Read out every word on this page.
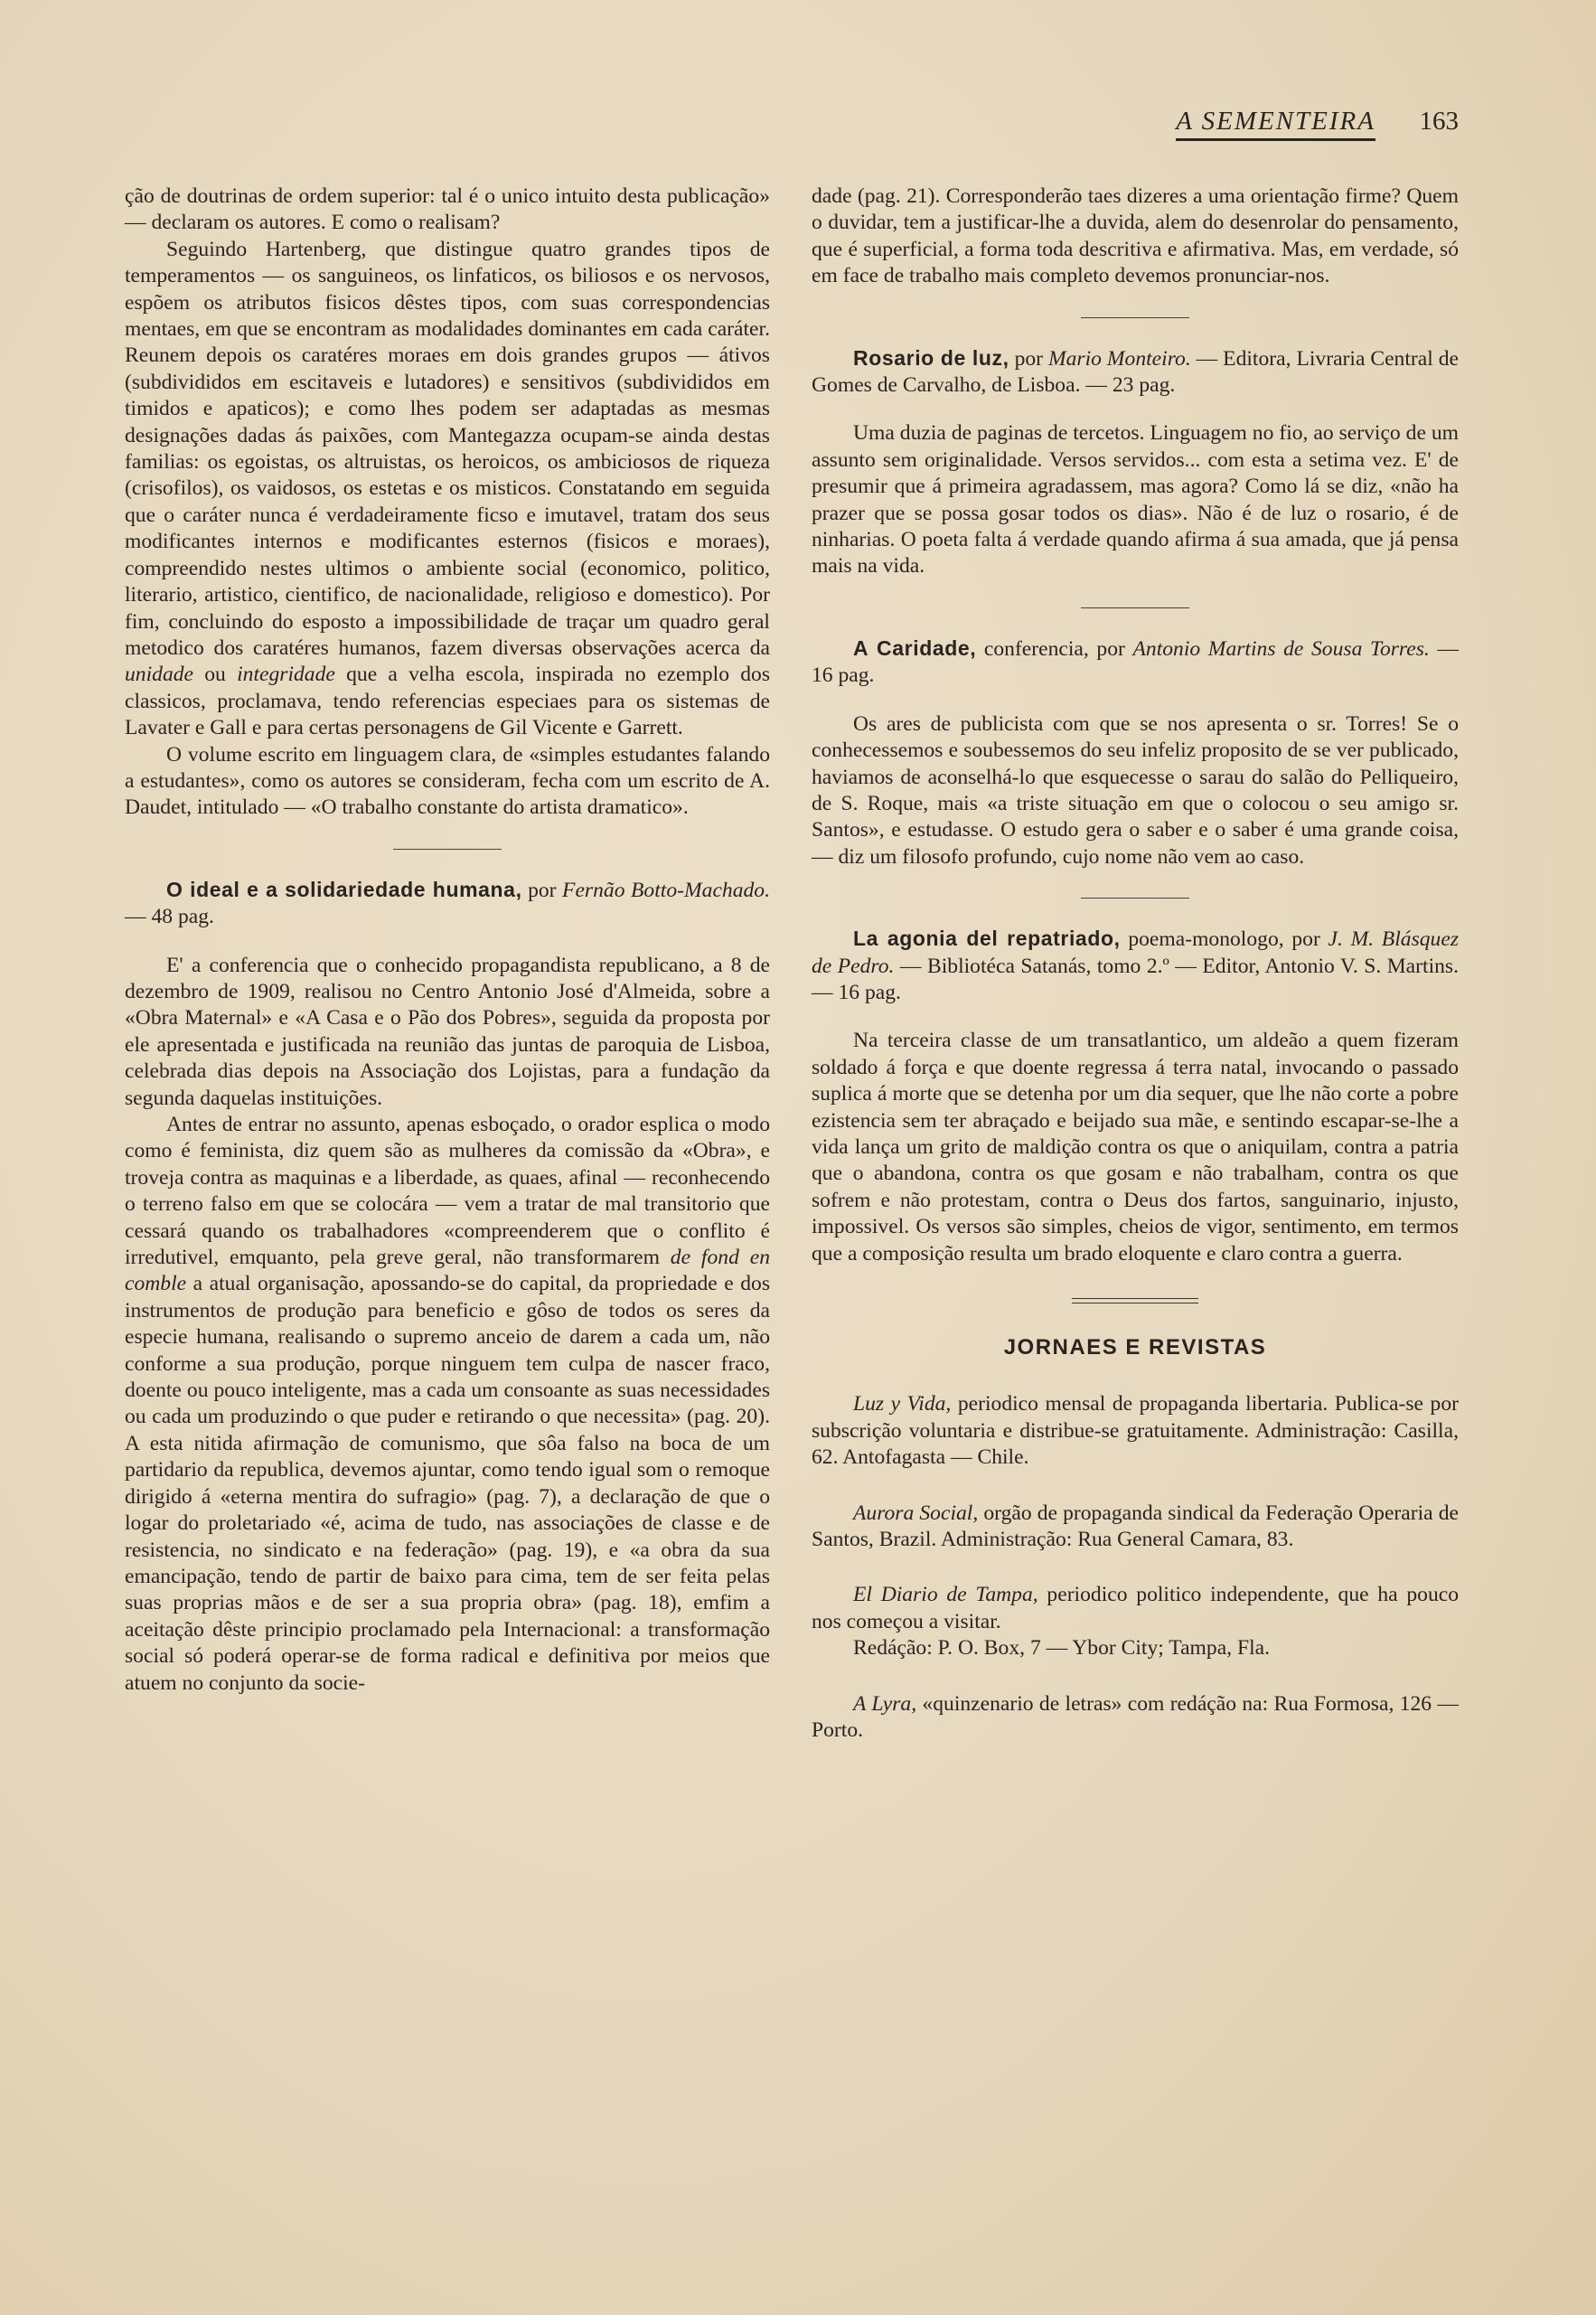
A SEMENTEIRA 163

ção de doutrinas de ordem superior: tal é o unico intuito desta publicação» — declaram os autores. E como o realisam?

Seguindo Hartenberg, que distingue quatro grandes tipos de temperamentos — os sanguineos, os linfaticos, os biliosos e os nervosos, espõem os atributos fisicos dêstes tipos, com suas correspondencias mentaes, em que se encontram as modalidades dominantes em cada caráter. Reunem depois os caratéres moraes em dois grandes grupos — átivos (subdivididos em escitaveis e lutadores) e sensitivos (subdivididos em timidos e apaticos); e como lhes podem ser adaptadas as mesmas designações dadas ás paixões, com Mantegazza ocupam-se ainda destas familias: os egoistas, os altruistas, os heroicos, os ambiciosos de riqueza (crisofilos), os vaidosos, os estetas e os misticos. Constatando em seguida que o caráter nunca é verdadeiramente ficso e imutavel, tratam dos seus modificantes internos e modificantes esternos (fisicos e moraes), compreendido nestes ultimos o ambiente social (economico, politico, literario, artistico, cientifico, de nacionalidade, religioso e domestico). Por fim, concluindo do esposto a impossibilidade de traçar um quadro geral metodico dos caratéres humanos, fazem diversas observações acerca da unidade ou integridade que a velha escola, inspirada no ezemplo dos classicos, proclamava, tendo referencias especiaes para os sistemas de Lavater e Gall e para certas personagens de Gil Vicente e Garrett.

O volume escrito em linguagem clara, de «simples estudantes falando a estudantes», como os autores se consideram, fecha com um escrito de A. Daudet, intitulado — «O trabalho constante do artista dramatico».

O ideal e a solidariedade humana, por Fernão Botto-Machado. — 48 pag.

E' a conferencia que o conhecido propagandista republicano, a 8 de dezembro de 1909, realisou no Centro Antonio José d'Almeida, sobre a «Obra Maternal» e «A Casa e o Pão dos Pobres», seguida da proposta por ele apresentada e justificada na reunião das juntas de paroquia de Lisboa, celebrada dias depois na Associação dos Lojistas, para a fundação da segunda daquelas instituições.

Antes de entrar no assunto, apenas esboçado, o orador esplica o modo como é feminista, diz quem são as mulheres da comissão da «Obra», e troveja contra as maquinas e a liberdade, as quaes, afinal — reconhecendo o terreno falso em que se colocára — vem a tratar de mal transitorio que cessará quando os trabalhadores «compreenderem que o conflito é irredutivel, emquanto, pela greve geral, não transformarem de fond en comble a atual organisação, apossando-se do capital, da propriedade e dos instrumentos de produção para beneficio e gôso de todos os seres da especie humana, realisando o supremo anceio de darem a cada um, não conforme a sua produção, porque ninguem tem culpa de nascer fraco, doente ou pouco inteligente, mas a cada um consoante as suas necessidades ou cada um produzindo o que puder e retirando o que necessita» (pag. 20). A esta nitida afirmação de comunismo, que sôa falso na boca de um partidario da republica, devemos ajuntar, como tendo igual som o remoque dirigido á «eterna mentira do sufragio» (pag. 7), a declaração de que o logar do proletariado «é, acima de tudo, nas associações de classe e de resistencia, no sindicato e na federação» (pag. 19), e «a obra da sua emancipação, tendo de partir de baixo para cima, tem de ser feita pelas suas proprias mãos e de ser a sua propria obra» (pag. 18), emfim a aceitação dêste principio proclamado pela Internacional: a transformação social só poderá operar-se de forma radical e definitiva por meios que atuem no conjunto da socie-

dade (pag. 21). Corresponderão taes dizeres a uma orientação firme? Quem o duvidar, tem a justificar-lhe a duvida, alem do desenrolar do pensamento, que é superficial, a forma toda descritiva e afirmativa. Mas, em verdade, só em face de trabalho mais completo devemos pronunciar-nos.

Rosario de luz, por Mario Monteiro. — Editora, Livraria Central de Gomes de Carvalho, de Lisboa. — 23 pag.

Uma duzia de paginas de tercetos. Linguagem no fio, ao serviço de um assunto sem originalidade. Versos servidos... com esta a setima vez. E' de presumir que á primeira agradassem, mas agora? Como lá se diz, «não ha prazer que se possa gosar todos os dias». Não é de luz o rosario, é de ninharias. O poeta falta á verdade quando afirma á sua amada, que já pensa mais na vida.

A Caridade, conferencia, por Antonio Martins de Sousa Torres. — 16 pag.

Os ares de publicista com que se nos apresenta o sr. Torres! Se o conhecessemos e soubessemos do seu infeliz proposito de se ver publicado, haviamos de aconselhá-lo que esquecesse o sarau do salão do Pelliqueiro, de S. Roque, mais «a triste situação em que o colocou o seu amigo sr. Santos», e estudasse. O estudo gera o saber e o saber é uma grande coisa, — diz um filosofo profundo, cujo nome não vem ao caso.

La agonia del repatriado, poema-monologo, por J. M. Blásquez de Pedro. — Bibliotéca Satanás, tomo 2.º — Editor, Antonio V. S. Martins. — 16 pag.

Na terceira classe de um transatlantico, um aldeão a quem fizeram soldado á força e que doente regressa á terra natal, invocando o passado suplica á morte que se detenha por um dia sequer, que lhe não corte a pobre ezistencia sem ter abraçado e beijado sua mãe, e sentindo escapar-se-lhe a vida lança um grito de maldição contra os que o aniquilam, contra a patria que o abandona, contra os que gosam e não trabalham, contra os que sofrem e não protestam, contra o Deus dos fartos, sanguinario, injusto, impossivel. Os versos são simples, cheios de vigor, sentimento, em termos que a composição resulta um brado eloquente e claro contra a guerra.

JORNAES E REVISTAS

Luz y Vida, periodico mensal de propaganda libertaria. Publica-se por subscrição voluntaria e distribue-se gratuitamente. Administração: Casilla, 62. Antofagasta — Chile.

Aurora Social, orgão de propaganda sindical da Federação Operaria de Santos, Brazil. Administração: Rua General Camara, 83.

El Diario de Tampa, periodico politico independente, que ha pouco nos começou a visitar.

Redáção: P. O. Box, 7 — Ybor City; Tampa, Fla.

A Lyra, «quinzenario de letras» com redáção na: Rua Formosa, 126 — Porto.
